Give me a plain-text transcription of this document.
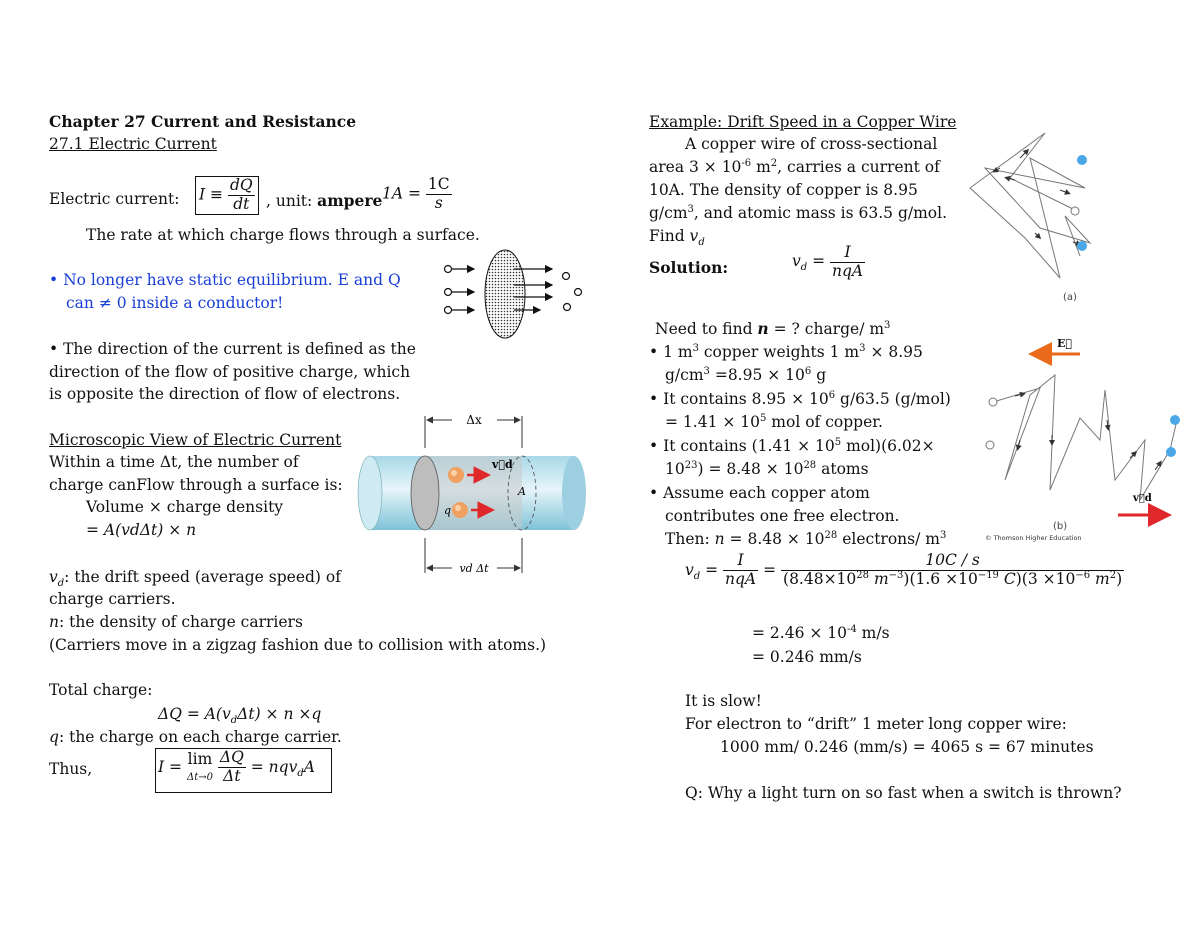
Chapter 27 Current and Resistance
27.1 Electric Current
Electric current: $I \equiv \frac{dQ}{dt}$ , unit: ampere $1A = \frac{1C}{s}$
The rate at which charge flows through a surface.
• No longer have static equilibrium. E and Q
can ≠ 0 inside a conductor!
• The direction of the current is defined as the
direction of the flow of positive charge, which
is opposite the direction of flow of electrons.
Microscopic View of Electric Current
Within a time Δt, the number of
charge canFlow through a surface is:
Volume × charge density
= A(vdΔt) × n
Δx
v⃗d
q
A
vd Δt
$v_d$: the drift speed (average speed) of
charge carriers.
n: the density of charge carriers
(Carriers move in a zigzag fashion due to collision with atoms.)
Total charge:
$\Delta Q = A(v_d\Delta t) \times n \times q$
q: the charge on each charge carrier.
Thus,	I = lim
$\Delta t\to 0 \frac{\Delta Q}{\Delta t} = nqv_dA$
Example: Drift Speed in a Copper Wire
A copper wire of cross-sectional
area $3 \times 10^{-6}$ $m^2$, carries a current of
10A. The density of copper is 8.95
$g/cm^3$, and atomic mass is 63.5 g/mol.
Find $v_d$
Solution:	$v_d = \frac{I}{\text{nqA}}$
Need to find n = ? charge/ $m^3$
• 1 $m^3$ copper weights 1 $m^3 \times 8.95$
$g/cm^3 =8.95 \times 10^6$ g
• It contains $8.95 \times 10^6$ g/63.5 (g/mol)
= $1.41 \times 10^5$ mol of copper.
• It contains ($1.41 \times 10^5$ mol)(6.02×
$10^{23}) = 8.48 \times 10^{28}$ atoms
• Assume each copper atom
contributes one free electron.
Then: $n = 8.48 \times 10^{28}$ electrons/ $m^3$
$v_d = \frac{I}{\text{nqA}} = \frac{10C / s}{(8.48\times 10^{28} m^{-3})(1.6 \times 10^{-19} C)(3 \times 10^{-6} m^2)}$
= $2.46 \times 10^{-4}$ m/s
= 0.246 mm/s
It is slow!
For electron to “drift” 1 meter long copper wire:
1000 mm/ 0.246 (mm/s) = 4065 s = 67 minutes
Q: Why a light turn on so fast when a switch is thrown?
(a)
E⃗
v⃗d
(b)
© Thomson Higher Education
